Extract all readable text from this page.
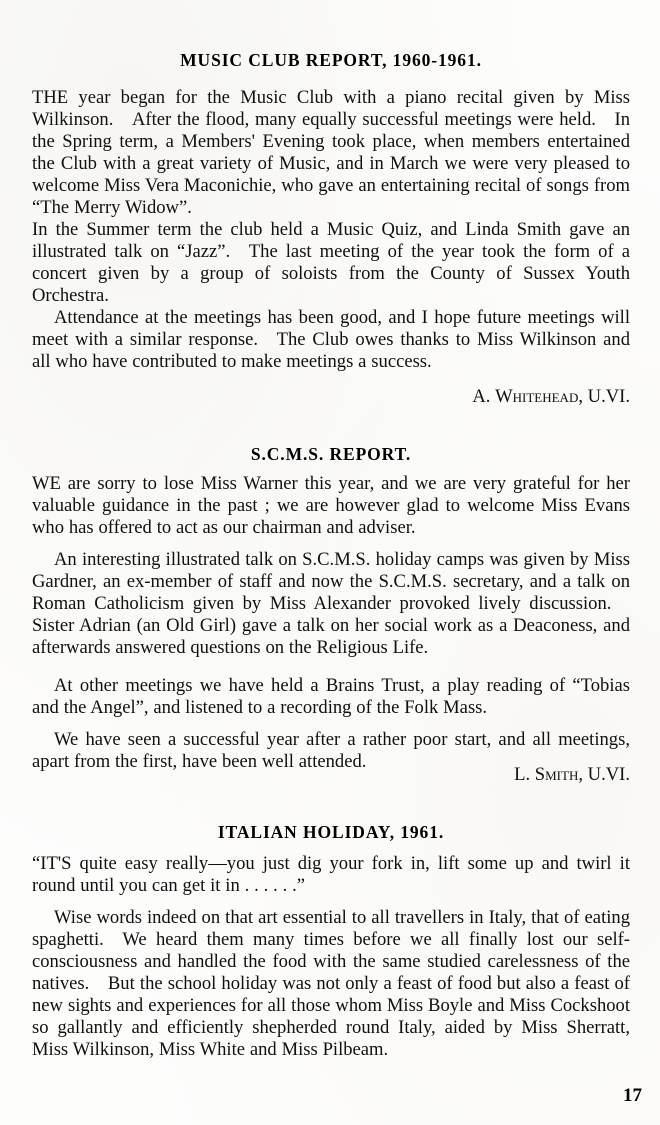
MUSIC CLUB REPORT, 1960-1961.

THE year began for the Music Club with a piano recital given by Miss Wilkinson. After the flood, many equally successful meetings were held. In the Spring term, a Members' Evening took place, when members entertained the Club with a great variety of Music, and in March we were very pleased to welcome Miss Vera Maconichie, who gave an entertaining recital of songs from “The Merry Widow”.

In the Summer term the club held a Music Quiz, and Linda Smith gave an illustrated talk on “Jazz”. The last meeting of the year took the form of a concert given by a group of soloists from the County of Sussex Youth Orchestra.

Attendance at the meetings has been good, and I hope future meetings will meet with a similar response. The Club owes thanks to Miss Wilkinson and all who have contributed to make meetings a success.

A. Whitehead, U.VI.

S.C.M.S. REPORT.

WE are sorry to lose Miss Warner this year, and we are very grateful for her valuable guidance in the past ; we are however glad to welcome Miss Evans who has offered to act as our chairman and adviser.

An interesting illustrated talk on S.C.M.S. holiday camps was given by Miss Gardner, an ex-member of staff and now the S.C.M.S. secretary, and a talk on Roman Catholicism given by Miss Alexander provoked lively discussion. Sister Adrian (an Old Girl) gave a talk on her social work as a Deaconess, and afterwards answered questions on the Religious Life.

At other meetings we have held a Brains Trust, a play reading of “Tobias and the Angel”, and listened to a recording of the Folk Mass.

We have seen a successful year after a rather poor start, and all meetings, apart from the first, have been well attended.

L. Smith, U.VI.

ITALIAN HOLIDAY, 1961.

“IT'S quite easy really—you just dig your fork in, lift some up and twirl it round until you can get it in . . . . . .”

Wise words indeed on that art essential to all travellers in Italy, that of eating spaghetti. We heard them many times before we all finally lost our self-consciousness and handled the food with the same studied carelessness of the natives. But the school holiday was not only a feast of food but also a feast of new sights and experiences for all those whom Miss Boyle and Miss Cockshoot so gallantly and efficiently shepherded round Italy, aided by Miss Sherratt, Miss Wilkinson, Miss White and Miss Pilbeam.

17
